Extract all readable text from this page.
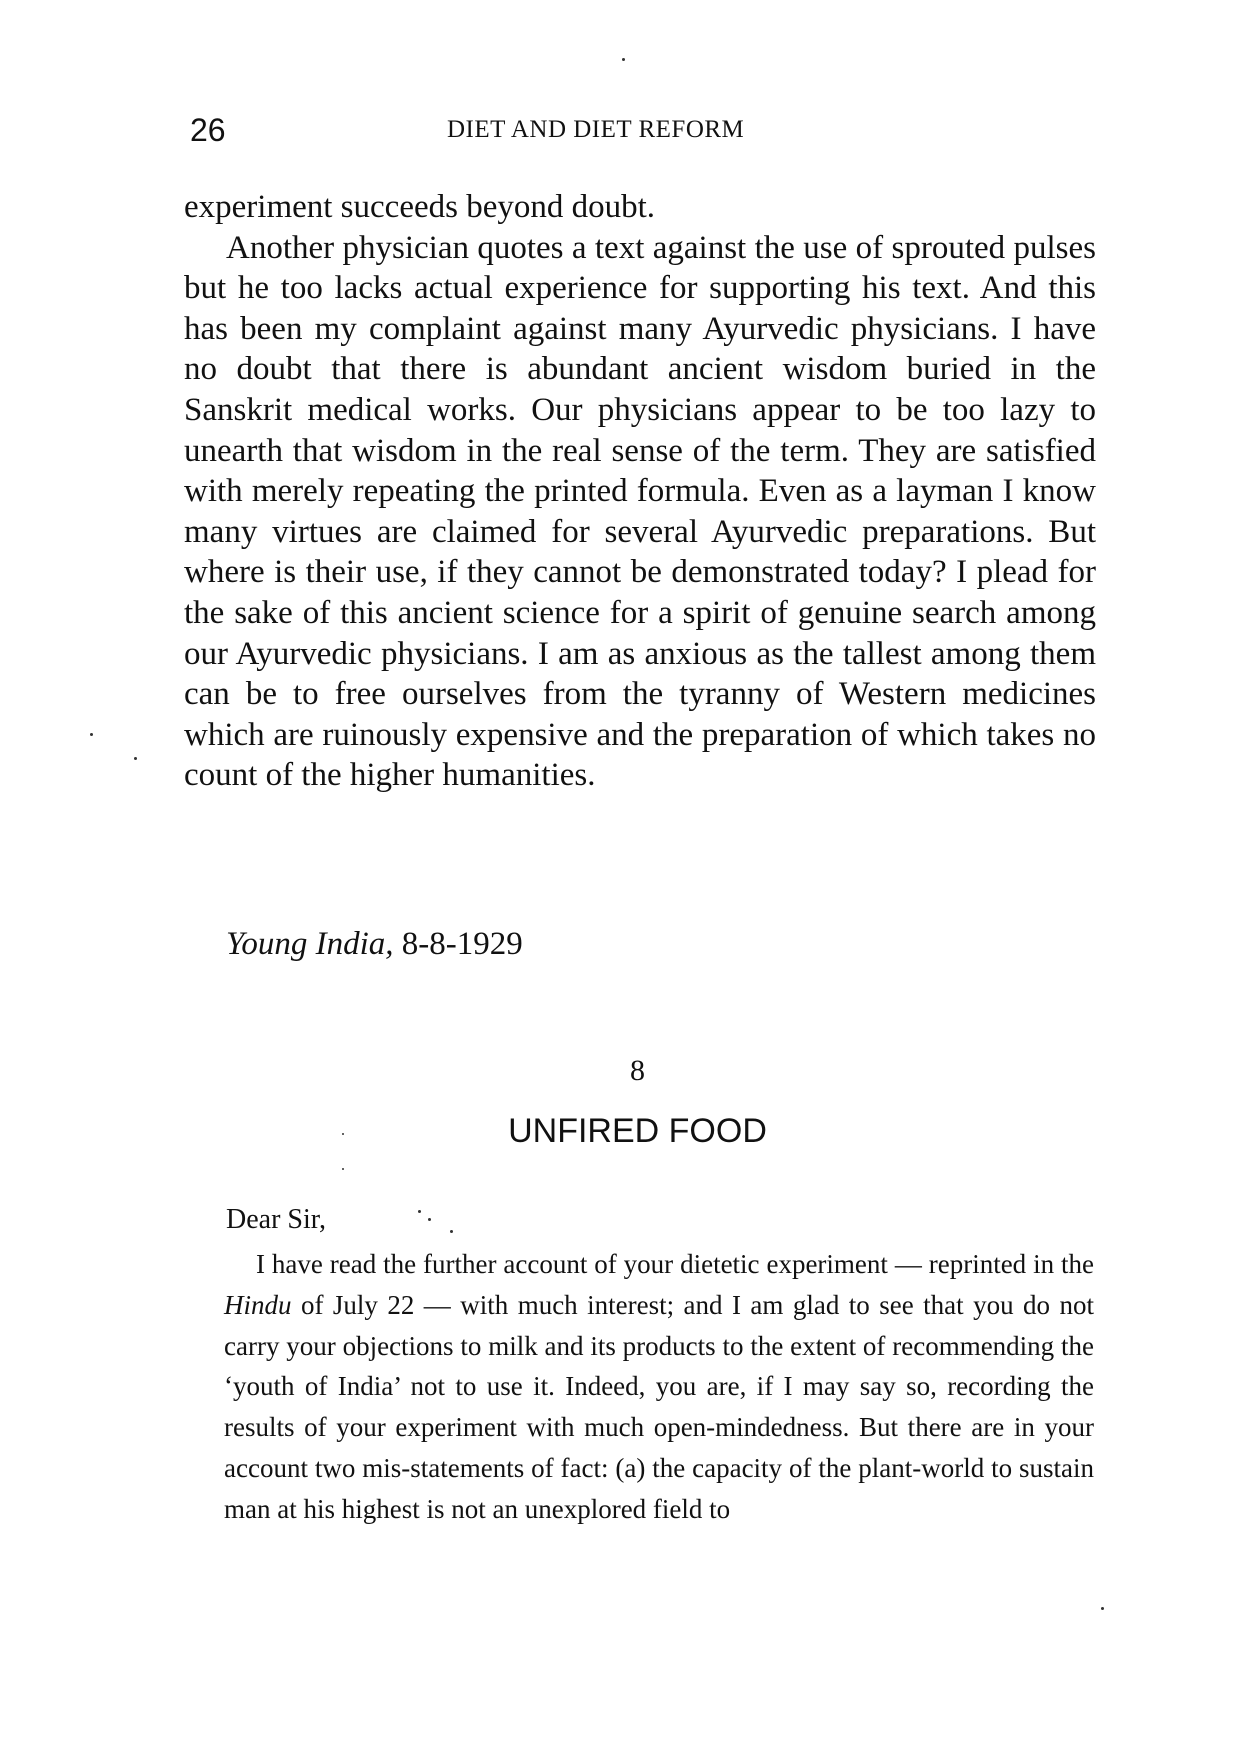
26	DIET AND DIET REFORM

experiment succeeds beyond doubt.

Another physician quotes a text against the use of sprouted pulses but he too lacks actual experience for supporting his text. And this has been my complaint against many Ayurvedic physicians. I have no doubt that there is abundant ancient wisdom buried in the Sanskrit medical works. Our physicians appear to be too lazy to unearth that wisdom in the real sense of the term. They are satisfied with merely repeating the printed formula. Even as a layman I know many virtues are claimed for several Ayurvedic preparations. But where is their use, if they cannot be demonstrated today? I plead for the sake of this ancient science for a spirit of genuine search among our Ayurvedic physicians. I am as anxious as the tallest among them can be to free ourselves from the tyranny of Western medicines which are ruinously expensive and the preparation of which takes no count of the higher humanities.

Young India, 8-8-1929
8
UNFIRED FOOD
Dear Sir,
I have read the further account of your dietetic experiment — reprinted in the Hindu of July 22 — with much interest; and I am glad to see that you do not carry your objections to milk and its products to the extent of recommending the ‘youth of India’ not to use it. Indeed, you are, if I may say so, recording the results of your experiment with much open-mindedness. But there are in your account two mis-statements of fact: (a) the capacity of the plant-world to sustain man at his highest is not an unexplored field to
